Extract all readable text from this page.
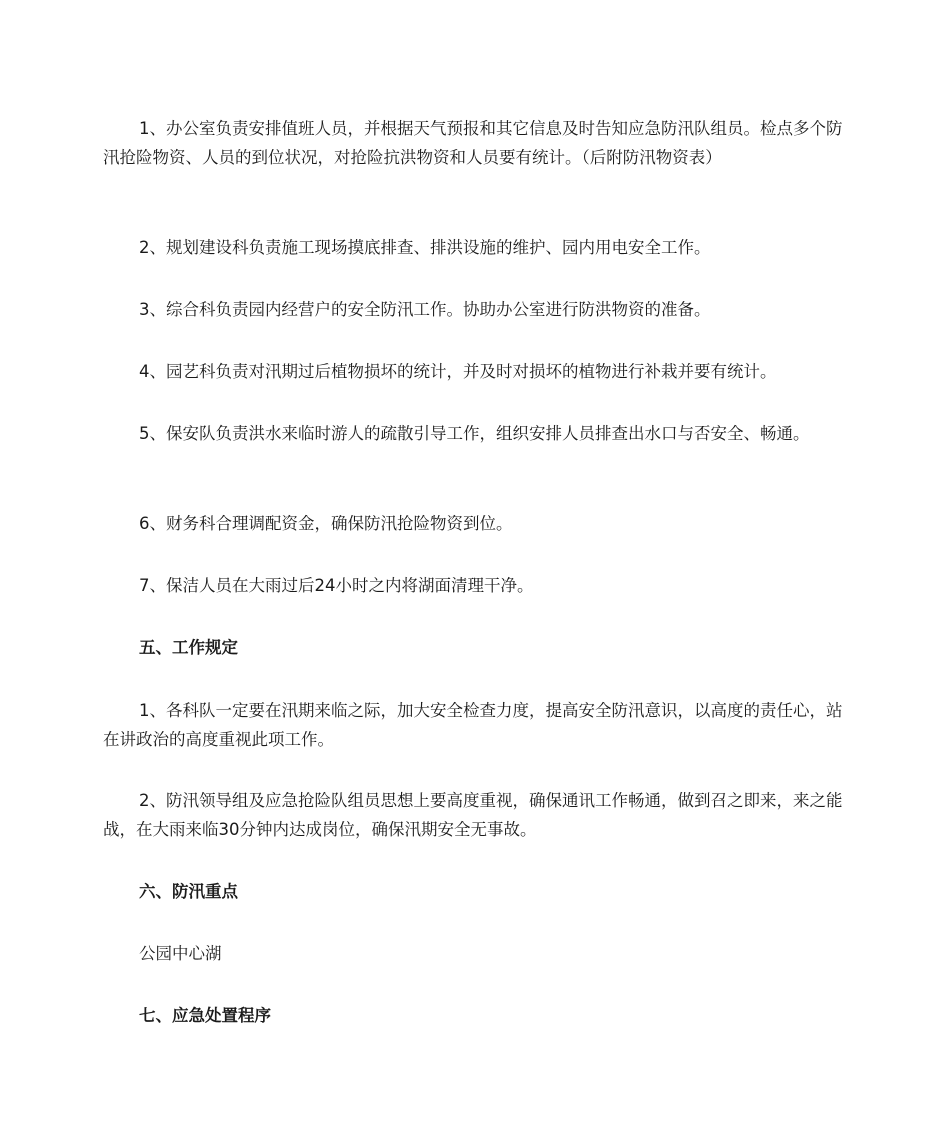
1、办公室负责安排值班人员，并根据天气预报和其它信息及时告知应急防汛队组员。检点多个防汛抢险物资、人员的到位状况，对抢险抗洪物资和人员要有统计。（后附防汛物资表）

2、规划建设科负责施工现场摸底排查、排洪设施的维护、园内用电安全工作。

3、综合科负责园内经营户的安全防汛工作。协助办公室进行防洪物资的准备。

4、园艺科负责对汛期过后植物损坏的统计，并及时对损坏的植物进行补栽并要有统计。

5、保安队负责洪水来临时游人的疏散引导工作，组织安排人员排查出水口与否安全、畅通。

6、财务科合理调配资金，确保防汛抢险物资到位。

7、保洁人员在大雨过后24小时之内将湖面清理干净。

五、工作规定

1、各科队一定要在汛期来临之际，加大安全检查力度，提高安全防汛意识，以高度的责任心，站在讲政治的高度重视此项工作。

2、防汛领导组及应急抢险队组员思想上要高度重视，确保通讯工作畅通，做到召之即来，来之能战，在大雨来临30分钟内达成岗位，确保汛期安全无事故。

六、防汛重点

公园中心湖

七、应急处置程序
